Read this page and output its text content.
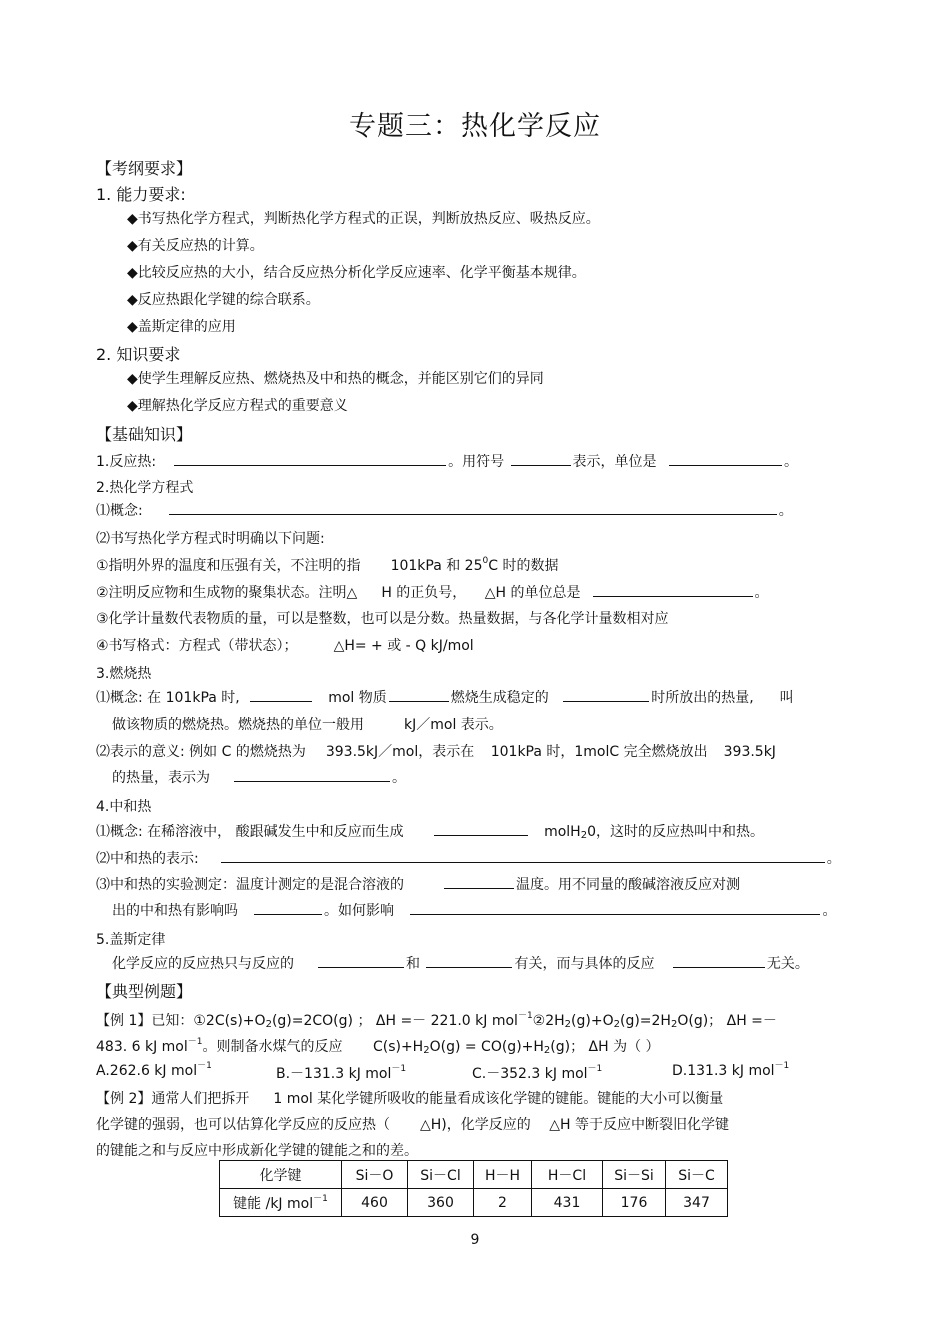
专题三：热化学反应
【考纲要求】
1. 能力要求:
◆书写热化学方程式，判断热化学方程式的正误，判断放热反应、吸热反应。
◆有关反应热的计算。
◆比较反应热的大小，结合反应热分析化学反应速率、化学平衡基本规律。
◆反应热跟化学键的综合联系。
◆盖斯定律的应用
2. 知识要求
◆使学生理解反应热、燃烧热及中和热的概念，并能区别它们的异同
◆理解热化学反应方程式的重要意义
【基础知识】
1.反应热:	。用符号	表示，单位是	。
2.热化学方程式
⑴概念:	。
⑵书写热化学方程式时明确以下问题:
①指明外界的温度和压强有关，不注明的指 101kPa 和 $25^0C$ 时的数据
②注明反应物和生成物的聚集状态。注明△ H 的正负号， △H 的单位总是	。
③化学计量数代表物质的量，可以是整数，也可以是分数。热量数据，与各化学计量数相对应
④书写格式：方程式（带状态）；	△H= + 或 - Q kJ/mol
3.燃烧热
⑴概念: 在 101kPa 时,	mol 物质	燃烧生成稳定的	时所放出的热量, 叫
做该物质的燃烧热。燃烧热的单位一般用	kJ／mol 表示。
⑵表示的意义: 例如 C 的燃烧热为 393.5kJ／mol，表示在 101kPa 时，1molC 完全燃烧放出 393.5kJ
的热量，表示为	。
4.中和热
⑴概念: 在稀溶液中， 酸跟碱发生中和反应而生成	molH$_2$0，这时的反应热叫中和热。
⑵中和热的表示:	。
⑶中和热的实验测定：温度计测定的是混合溶液的	温度。用不同量的酸碱溶液反应对测
出的中和热有影响吗	。如何影响	。
5.盖斯定律
化学反应的反应热只与反应的	和	有关，而与具体的反应	无关。
【典型例题】
【例 1】已知：$①2C(s)+O_2(g)=2CO(g)$ ； ΔH =－ 221.0 kJ $mol^{-1}②2H_2(g)+O_2(g)=2H_2O(g)$； ΔH =－
483. 6 kJ mol$^{-1}$。则制备水煤气的反应 $C(s)+H_2O(g) = CO(g)+H_2(g)$； ΔH 为（ ）
A.262.6 kJ mol$^{-1}$	B.－131.3 kJ mol$^{-1}$	C.－352.3 kJ mol$^{-1}$	D.131.3 kJ mol$^{-1}$
【例 2】通常人们把拆开 1 mol 某化学键所吸收的能量看成该化学键的键能。键能的大小可以衡量
化学键的强弱，也可以估算化学反应的反应热（ △H)，化学反应的 △H 等于反应中断裂旧化学键
的键能之和与反应中形成新化学键的键能之和的差。
化学键	Si－O	Si－Cl	H－H	H－Cl	Si－Si	Si－C
键能 /kJ mol$^{-1}$	460	360	2	431	176	347
9
